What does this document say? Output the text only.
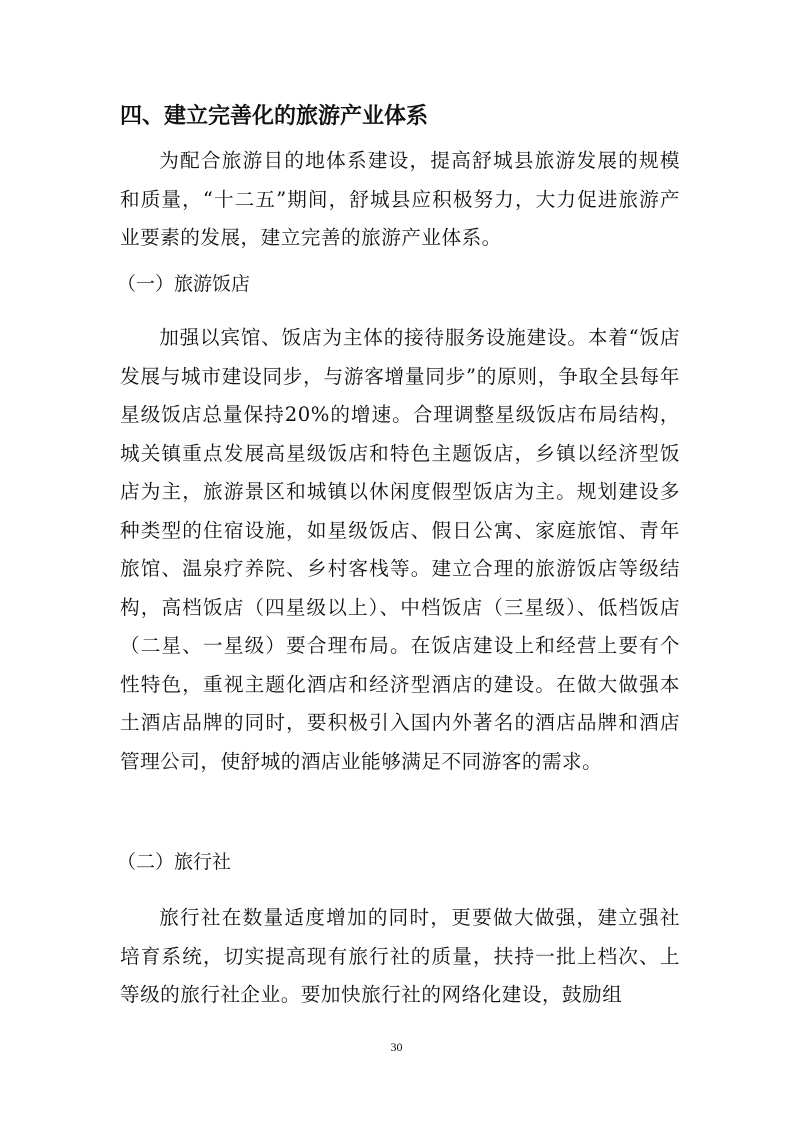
四、建立完善化的旅游产业体系

为配合旅游目的地体系建设，提高舒城县旅游发展的规模和质量，“十二五”期间，舒城县应积极努力，大力促进旅游产业要素的发展，建立完善的旅游产业体系。

（一）旅游饭店

加强以宾馆、饭店为主体的接待服务设施建设。本着“饭店发展与城市建设同步，与游客增量同步”的原则，争取全县每年星级饭店总量保持20%的增速。合理调整星级饭店布局结构，城关镇重点发展高星级饭店和特色主题饭店，乡镇以经济型饭店为主，旅游景区和城镇以休闲度假型饭店为主。规划建设多种类型的住宿设施，如星级饭店、假日公寓、家庭旅馆、青年旅馆、温泉疗养院、乡村客栈等。建立合理的旅游饭店等级结构，高档饭店（四星级以上）、中档饭店（三星级）、低档饭店（二星、一星级）要合理布局。在饭店建设上和经营上要有个性特色，重视主题化酒店和经济型酒店的建设。在做大做强本土酒店品牌的同时，要积极引入国内外著名的酒店品牌和酒店管理公司，使舒城的酒店业能够满足不同游客的需求。

（二）旅行社

旅行社在数量适度增加的同时，更要做大做强，建立强社培育系统，切实提高现有旅行社的质量，扶持一批上档次、上等级的旅行社企业。要加快旅行社的网络化建设，鼓励组

30
